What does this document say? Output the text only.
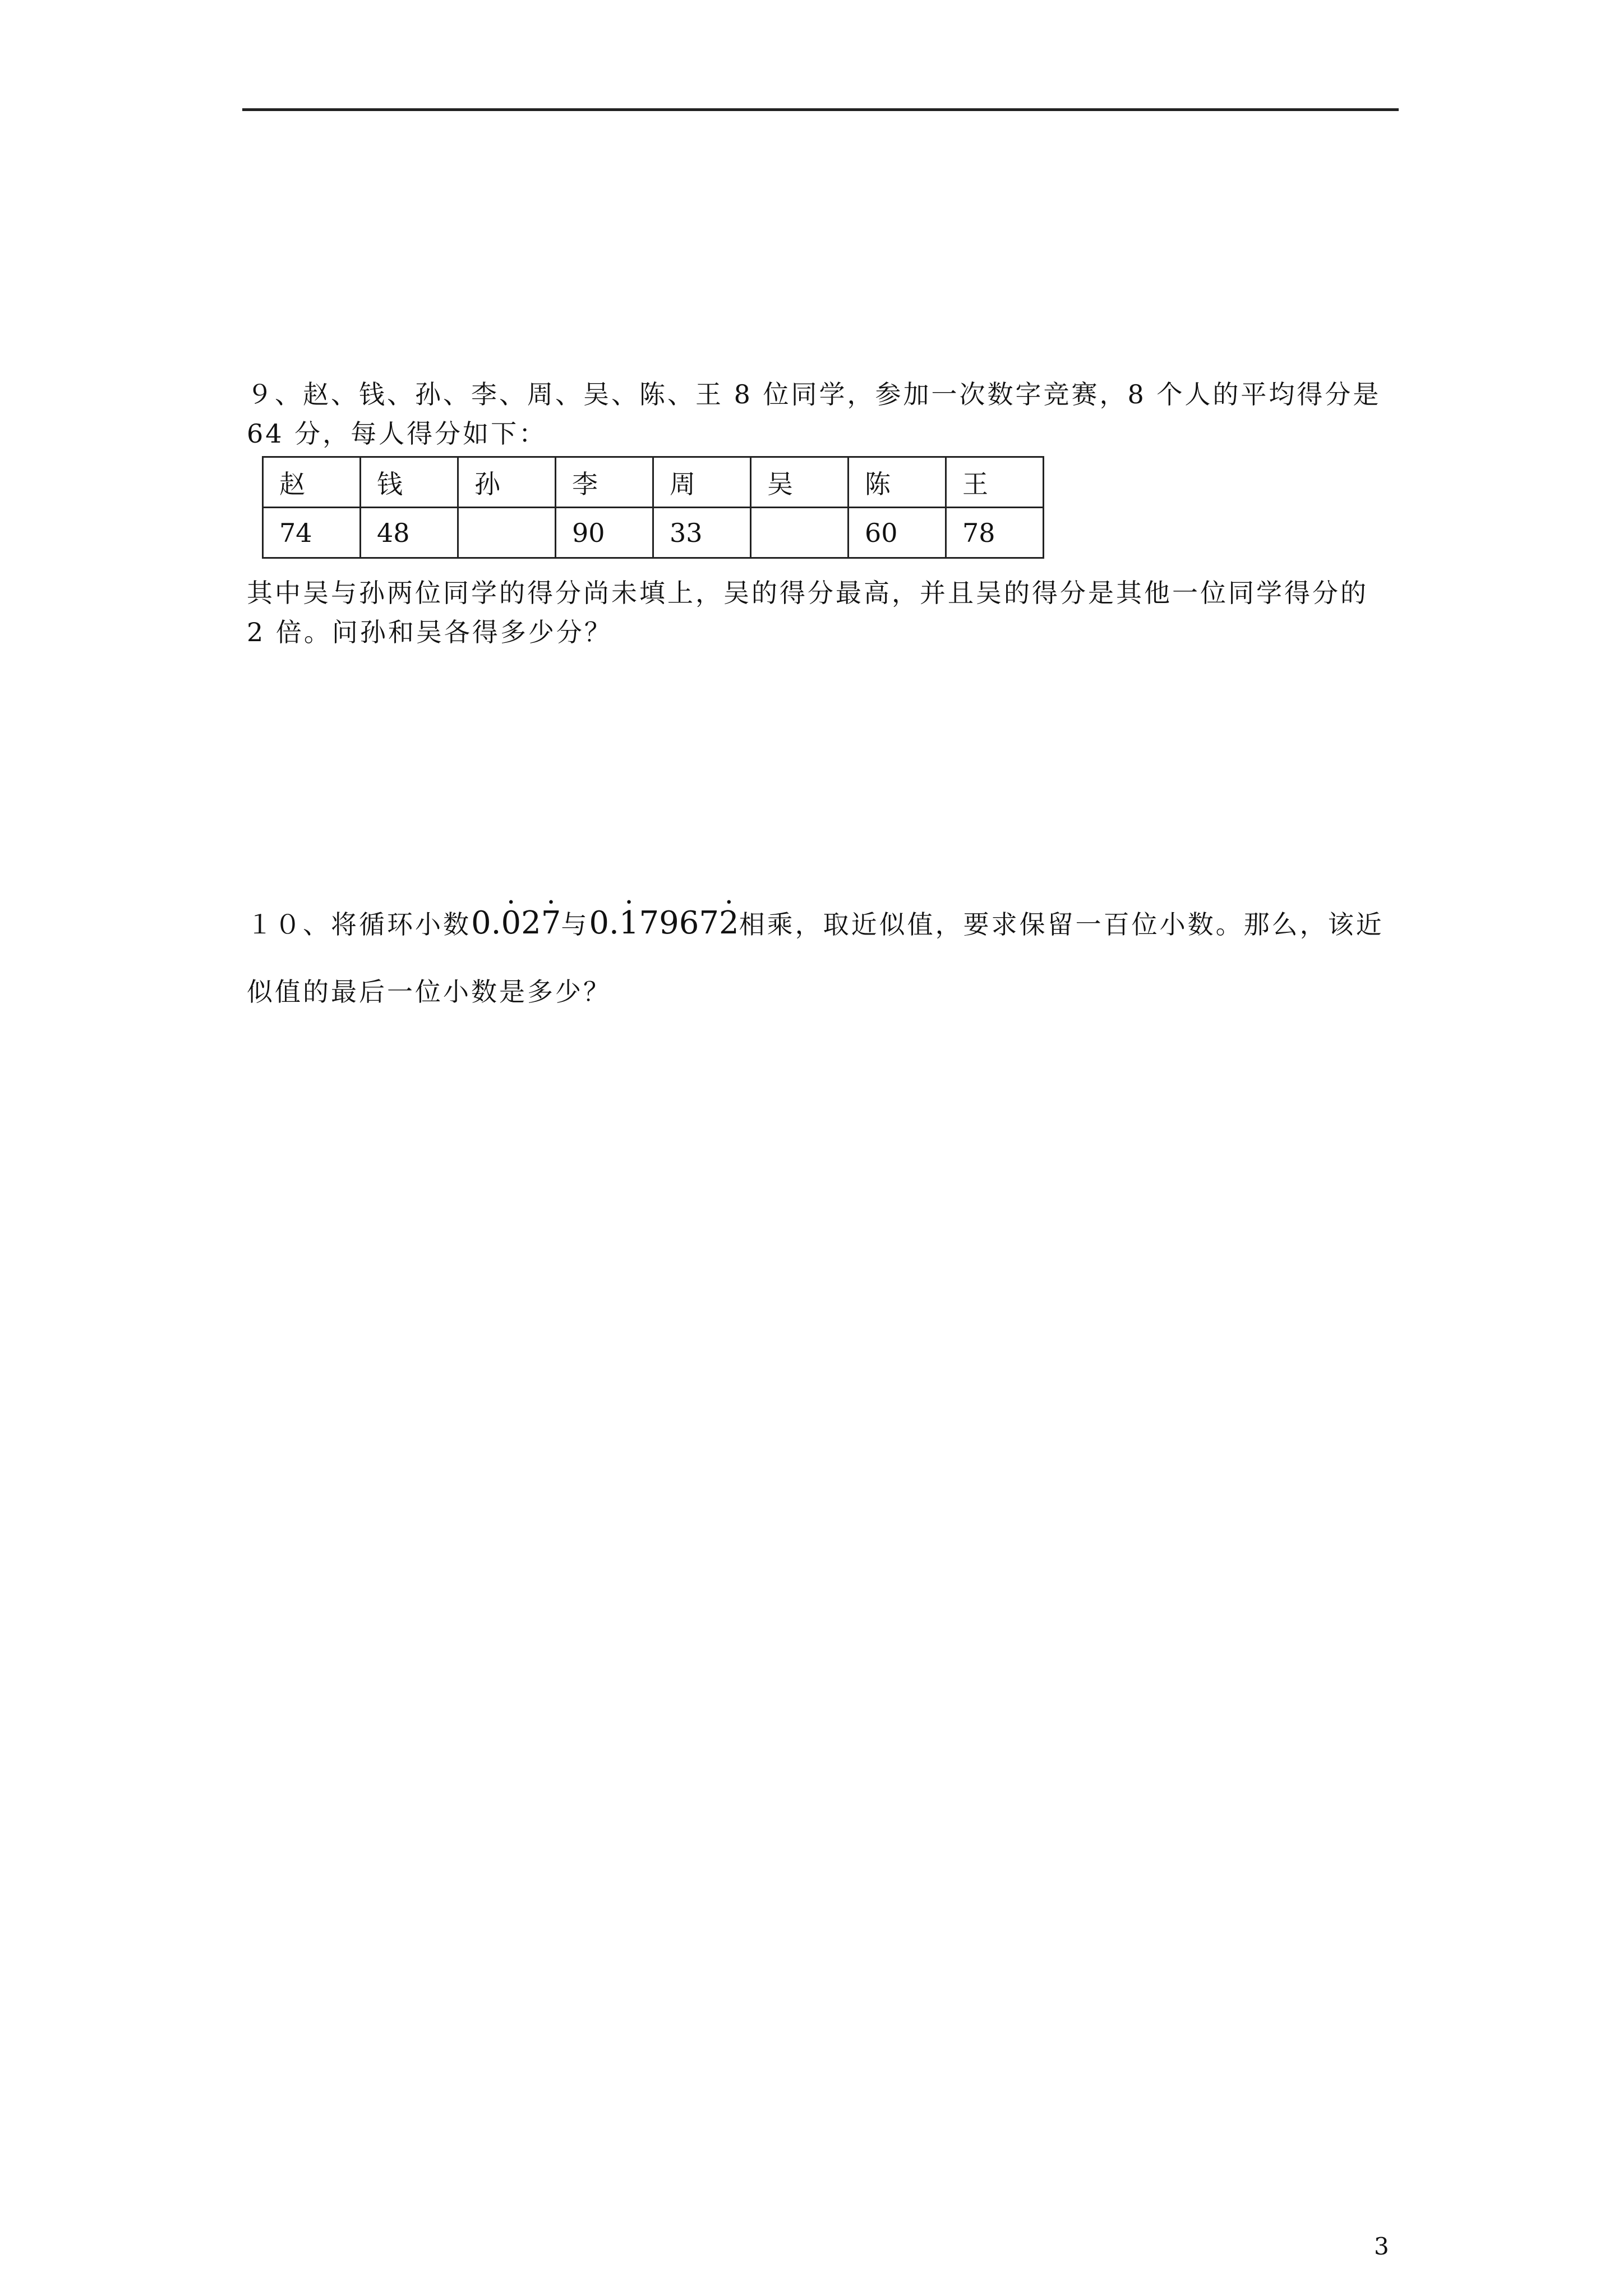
９、赵、钱、孙、李、周、吴、陈、王 8 位同学，参加一次数字竞赛，8 个人的平均得分是 64 分，每人得分如下：

赵	钱	孙	李	周	吴	陈	王
74	48		90	33		60	78

其中吴与孙两位同学的得分尚未填上，吴的得分最高，并且吴的得分是其他一位同学得分的 2 倍。问孙和吴各得多少分？

１０、将循环小数0.· 02· 7与0.· 17967· 2相乘，取近似值，要求保留一百位小数。那么，该近似值的最后一位小数是多少？

3
